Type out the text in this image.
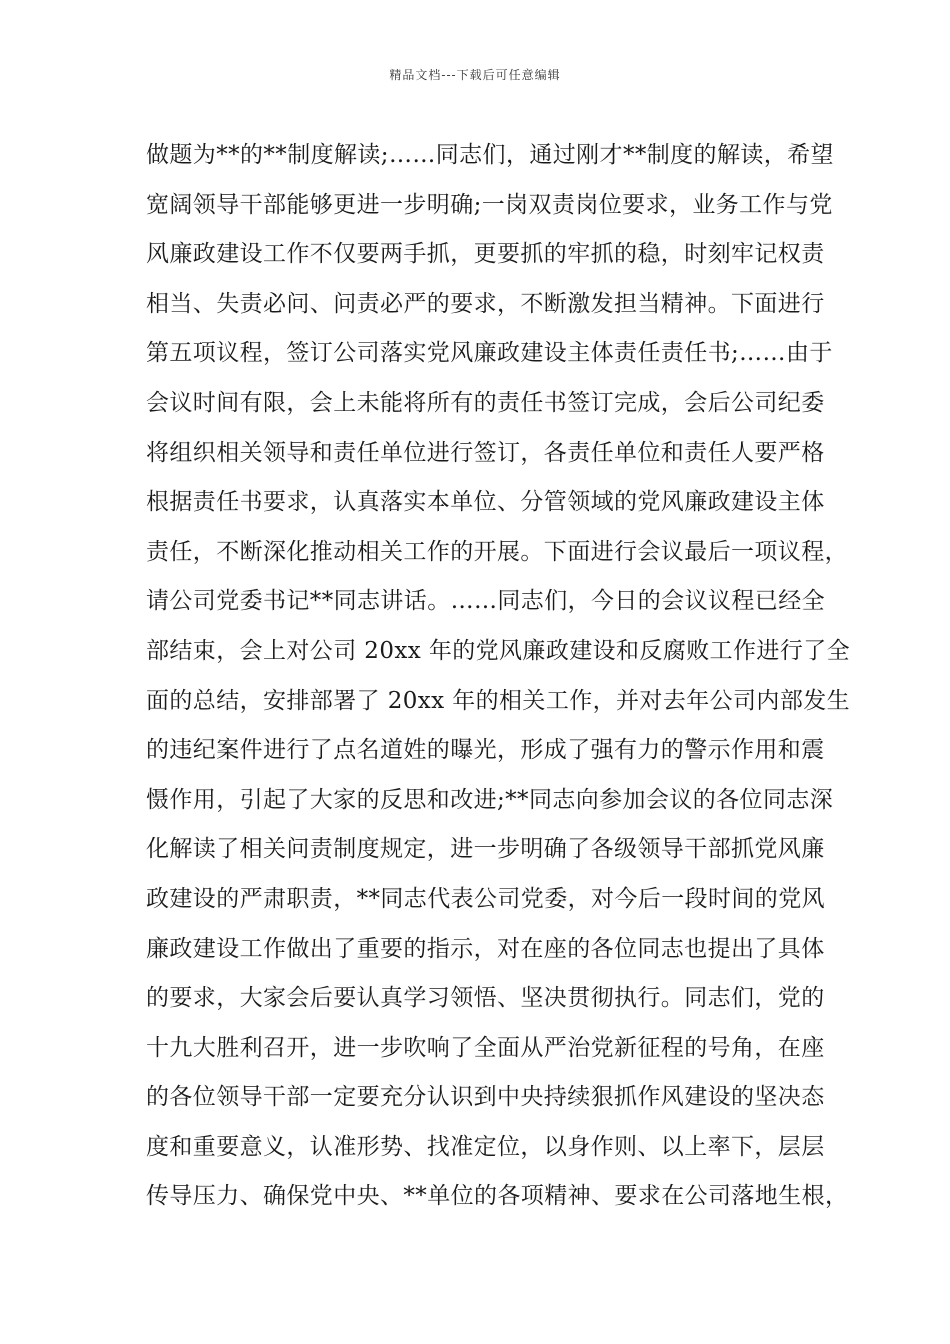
精品文档---下载后可任意编辑
做题为**的**制度解读;……同志们，通过刚才**制度的解读，希望
宽阔领导干部能够更进一步明确;一岗双责岗位要求，业务工作与党
风廉政建设工作不仅要两手抓，更要抓的牢抓的稳，时刻牢记权责
相当、失责必问、问责必严的要求，不断激发担当精神。下面进行
第五项议程，签订公司落实党风廉政建设主体责任责任书;……由于
会议时间有限，会上未能将所有的责任书签订完成，会后公司纪委
将组织相关领导和责任单位进行签订，各责任单位和责任人要严格
根据责任书要求，认真落实本单位、分管领域的党风廉政建设主体
责任，不断深化推动相关工作的开展。下面进行会议最后一项议程，
请公司党委书记**同志讲话。……同志们，今日的会议议程已经全
部结束，会上对公司 20xx 年的党风廉政建设和反腐败工作进行了全
面的总结，安排部署了 20xx 年的相关工作，并对去年公司内部发生
的违纪案件进行了点名道姓的曝光，形成了强有力的警示作用和震
慑作用，引起了大家的反思和改进;**同志向参加会议的各位同志深
化解读了相关问责制度规定，进一步明确了各级领导干部抓党风廉
政建设的严肃职责，**同志代表公司党委，对今后一段时间的党风
廉政建设工作做出了重要的指示，对在座的各位同志也提出了具体
的要求，大家会后要认真学习领悟、坚决贯彻执行。同志们，党的
十九大胜利召开，进一步吹响了全面从严治党新征程的号角，在座
的各位领导干部一定要充分认识到中央持续狠抓作风建设的坚决态
度和重要意义，认准形势、找准定位，以身作则、以上率下，层层
传导压力、确保党中央、**单位的各项精神、要求在公司落地生根，
